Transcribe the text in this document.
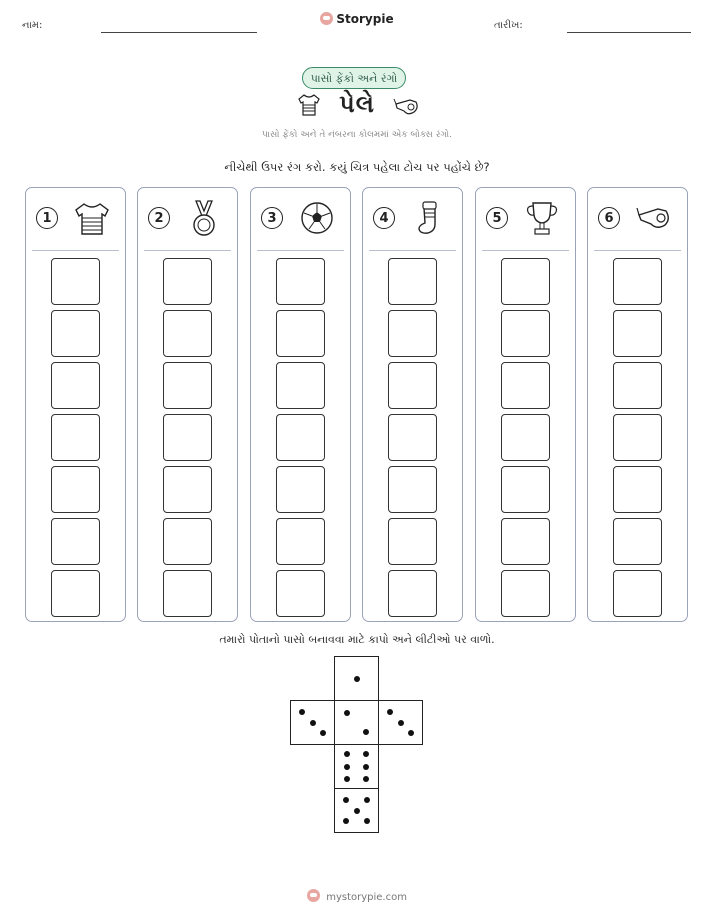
નામ:	Storypie	તારીખ:
પાસો ફેંકો અને રંગો
પેલે
પાસો ફેંકો અને તે નંબરના કોલમમાં એક બોક્સ રંગો.
નીચેથી ઉપર રંગ કરો. કયું ચિત્ર પહેલા ટોચ પર પહોંચે છે?
1	2	3	4	5	6
તમારો પોતાનો પાસો બનાવવા માટે કાપો અને લીટીઓ પર વાળો.
mystorypie.com
